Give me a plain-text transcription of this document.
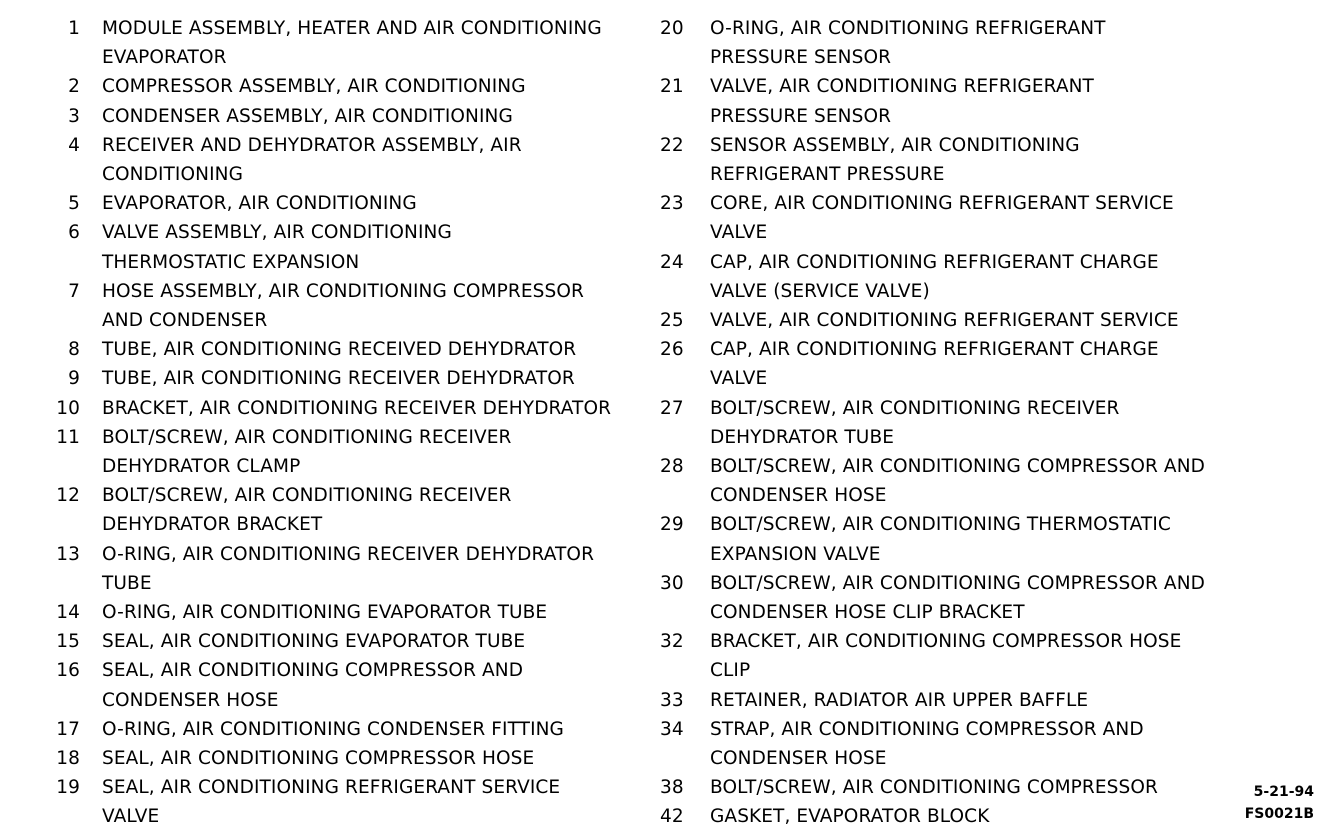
1	MODULE ASSEMBLY, HEATER AND AIR CONDITIONING
EVAPORATOR
2	COMPRESSOR ASSEMBLY, AIR CONDITIONING
3	CONDENSER ASSEMBLY, AIR CONDITIONING
4	RECEIVER AND DEHYDRATOR ASSEMBLY, AIR
CONDITIONING
5	EVAPORATOR, AIR CONDITIONING
6	VALVE ASSEMBLY, AIR CONDITIONING
THERMOSTATIC EXPANSION
7	HOSE ASSEMBLY, AIR CONDITIONING COMPRESSOR
AND CONDENSER
8	TUBE, AIR CONDITIONING RECEIVED DEHYDRATOR
9	TUBE, AIR CONDITIONING RECEIVER DEHYDRATOR
10	BRACKET, AIR CONDITIONING RECEIVER DEHYDRATOR
11	BOLT/SCREW, AIR CONDITIONING RECEIVER
DEHYDRATOR CLAMP
12	BOLT/SCREW, AIR CONDITIONING RECEIVER
DEHYDRATOR BRACKET
13	O-RING, AIR CONDITIONING RECEIVER DEHYDRATOR
TUBE
14	O-RING, AIR CONDITIONING EVAPORATOR TUBE
15	SEAL, AIR CONDITIONING EVAPORATOR TUBE
16	SEAL, AIR CONDITIONING COMPRESSOR AND
CONDENSER HOSE
17	O-RING, AIR CONDITIONING CONDENSER FITTING
18	SEAL, AIR CONDITIONING COMPRESSOR HOSE
19	SEAL, AIR CONDITIONING REFRIGERANT SERVICE
VALVE
20	O-RING, AIR CONDITIONING REFRIGERANT
PRESSURE SENSOR
21	VALVE, AIR CONDITIONING REFRIGERANT
PRESSURE SENSOR
22	SENSOR ASSEMBLY, AIR CONDITIONING
REFRIGERANT PRESSURE
23	CORE, AIR CONDITIONING REFRIGERANT SERVICE
VALVE
24	CAP, AIR CONDITIONING REFRIGERANT CHARGE
VALVE (SERVICE VALVE)
25	VALVE, AIR CONDITIONING REFRIGERANT SERVICE
26	CAP, AIR CONDITIONING REFRIGERANT CHARGE
VALVE
27	BOLT/SCREW, AIR CONDITIONING RECEIVER
DEHYDRATOR TUBE
28	BOLT/SCREW, AIR CONDITIONING COMPRESSOR AND
CONDENSER HOSE
29	BOLT/SCREW, AIR CONDITIONING THERMOSTATIC
EXPANSION VALVE
30	BOLT/SCREW, AIR CONDITIONING COMPRESSOR AND
CONDENSER HOSE CLIP BRACKET
32	BRACKET, AIR CONDITIONING COMPRESSOR HOSE
CLIP
33	RETAINER, RADIATOR AIR UPPER BAFFLE
34	STRAP, AIR CONDITIONING COMPRESSOR AND
CONDENSER HOSE
38	BOLT/SCREW, AIR CONDITIONING COMPRESSOR
42	GASKET, EVAPORATOR BLOCK
5-21-94
FS0021B
